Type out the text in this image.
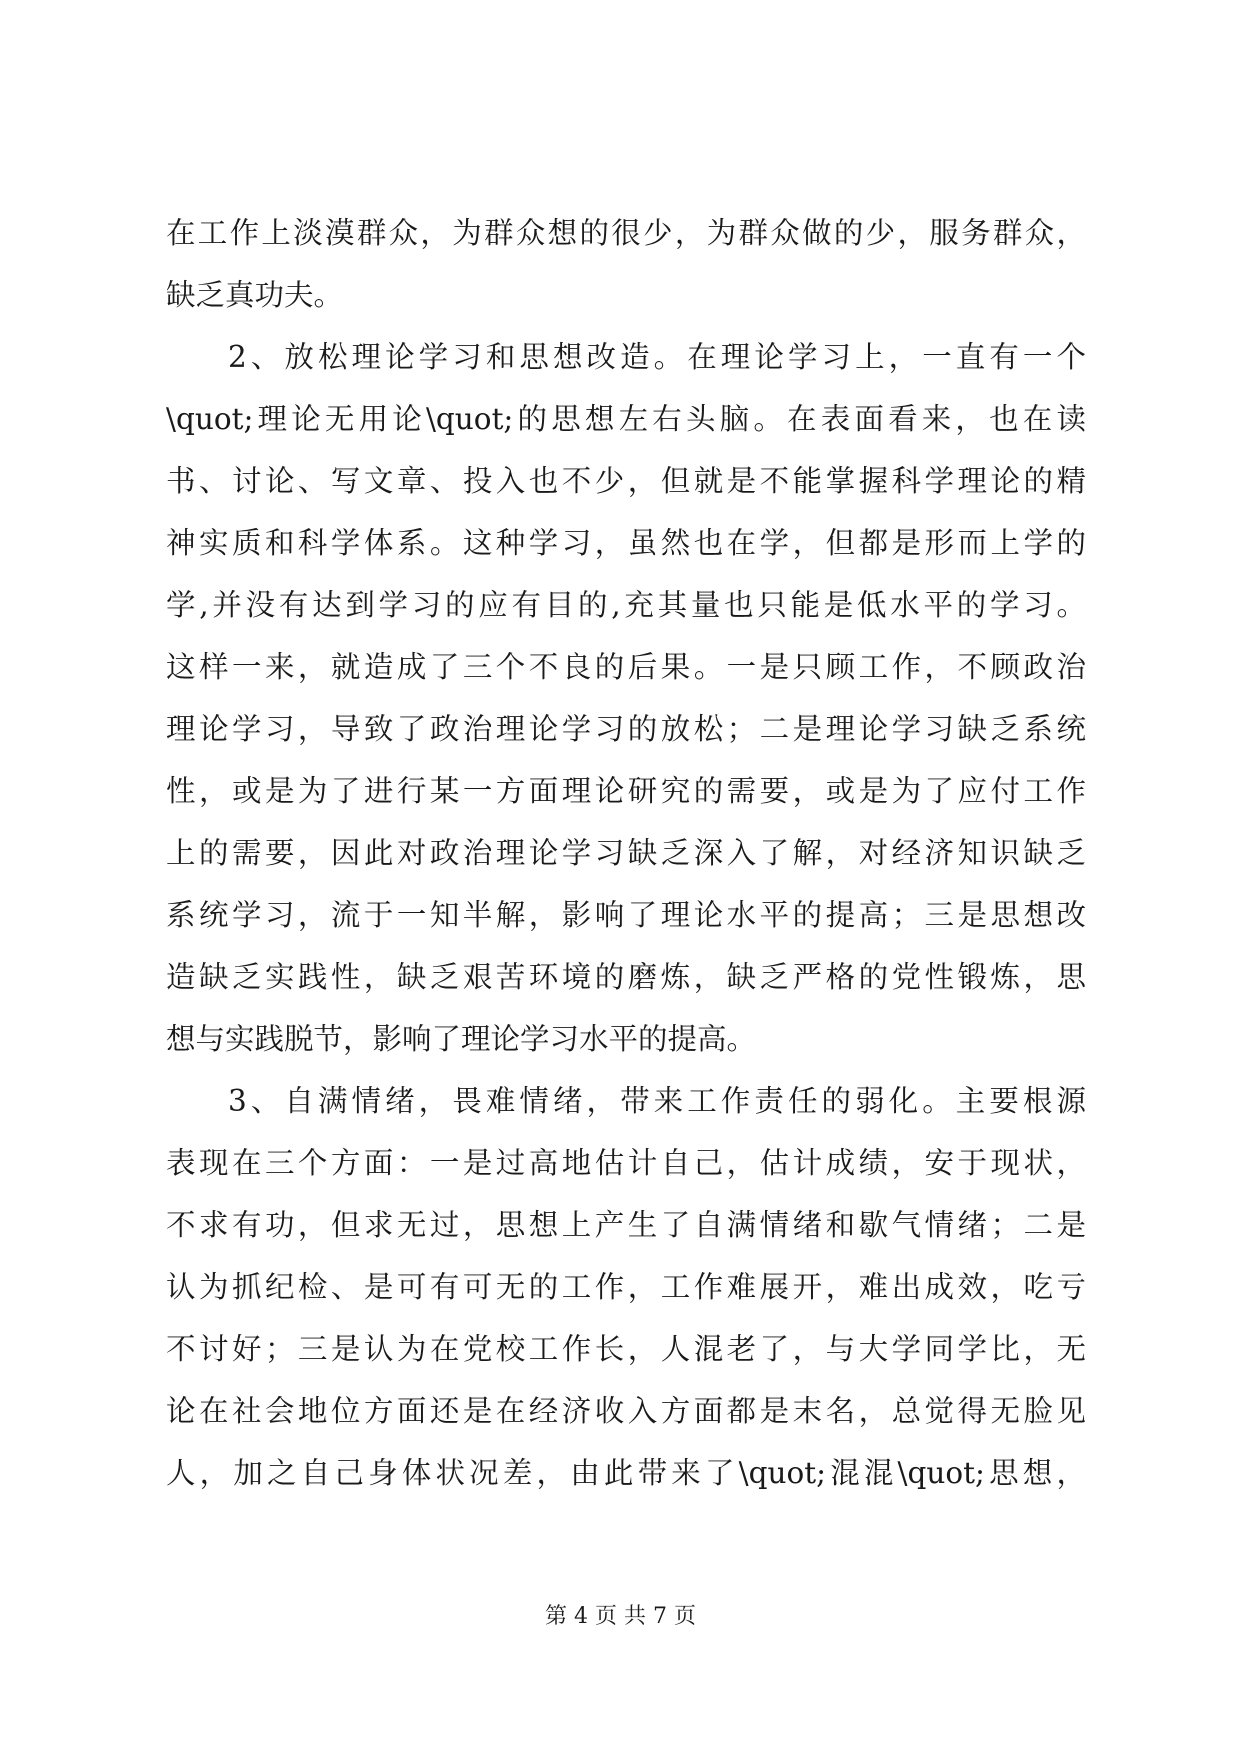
在工作上淡漠群众，为群众想的很少，为群众做的少，服务群众，
缺乏真功夫。
2、放松理论学习和思想改造。在理论学习上，一直有一个
\quot;理论无用论\quot;的思想左右头脑。在表面看来，也在读
书、讨论、写文章、投入也不少，但就是不能掌握科学理论的精
神实质和科学体系。这种学习，虽然也在学，但都是形而上学的
学,并没有达到学习的应有目的,充其量也只能是低水平的学习。
这样一来，就造成了三个不良的后果。一是只顾工作，不顾政治
理论学习，导致了政治理论学习的放松；二是理论学习缺乏系统
性，或是为了进行某一方面理论研究的需要，或是为了应付工作
上的需要，因此对政治理论学习缺乏深入了解，对经济知识缺乏
系统学习，流于一知半解，影响了理论水平的提高；三是思想改
造缺乏实践性，缺乏艰苦环境的磨炼，缺乏严格的党性锻炼，思
想与实践脱节，影响了理论学习水平的提高。
3、自满情绪，畏难情绪，带来工作责任的弱化。主要根源
表现在三个方面：一是过高地估计自己，估计成绩，安于现状，
不求有功，但求无过，思想上产生了自满情绪和歇气情绪；二是
认为抓纪检、是可有可无的工作，工作难展开，难出成效，吃亏
不讨好；三是认为在党校工作长，人混老了，与大学同学比，无
论在社会地位方面还是在经济收入方面都是末名，总觉得无脸见
人，加之自己身体状况差，由此带来了\quot;混混\quot;思想，
第 4 页 共 7 页
